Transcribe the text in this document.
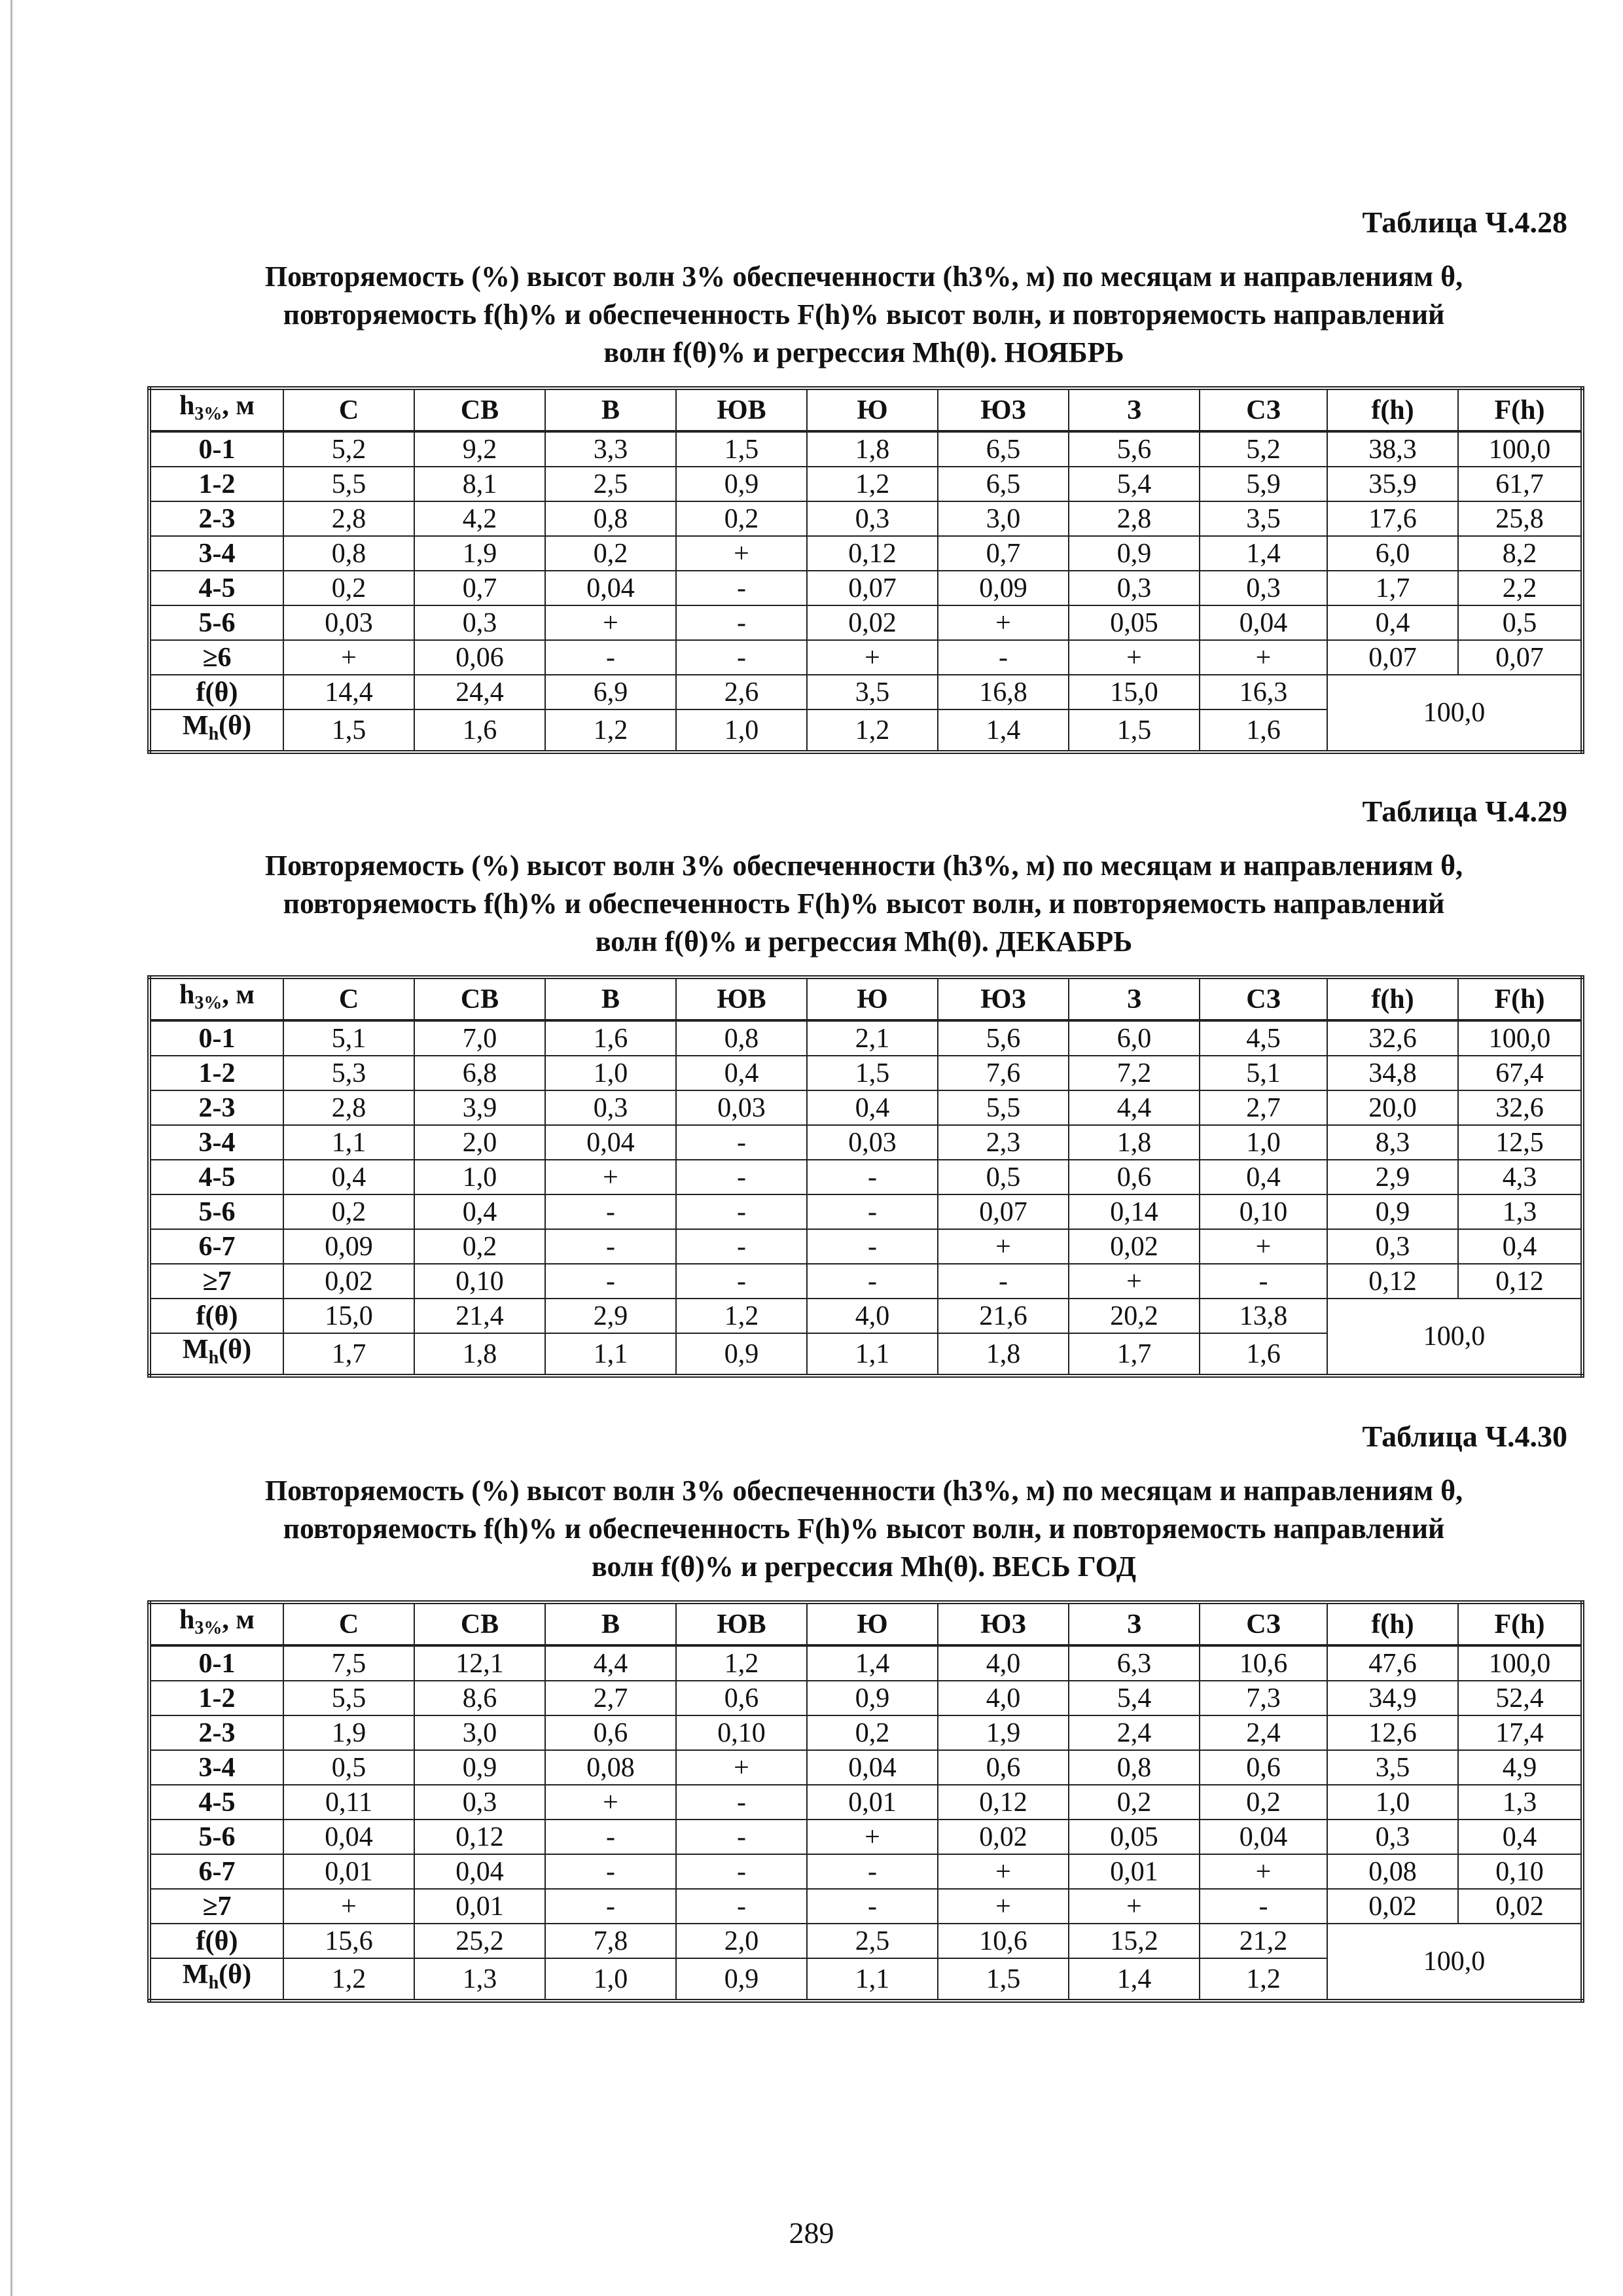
Таблица Ч.4.28
Повторяемость (%) высот волн 3% обеспеченности (h3%, м) по месяцам и направлениям θ,
повторяемость f(h)% и обеспеченность F(h)% высот волн, и повторяемость направлений
волн f(θ)% и регрессия Mh(θ). НОЯБРЬ
$h_{3\%}$, м	С	СВ	В	ЮВ	Ю	ЮЗ	З	СЗ	f(h)	F(h)
0-1	5,2	9,2	3,3	1,5	1,8	6,5	5,6	5,2	38,3	100,0
1-2	5,5	8,1	2,5	0,9	1,2	6,5	5,4	5,9	35,9	61,7
2-3	2,8	4,2	0,8	0,2	0,3	3,0	2,8	3,5	17,6	25,8
3-4	0,8	1,9	0,2	+	0,12	0,7	0,9	1,4	6,0	8,2
4-5	0,2	0,7	0,04	-	0,07	0,09	0,3	0,3	1,7	2,2
5-6	0,03	0,3	+	-	0,02	+	0,05	0,04	0,4	0,5
≥6	+	0,06	-	-	+	-	+	+	0,07	0,07
f(θ)	14,4	24,4	6,9	2,6	3,5	16,8	15,0	16,3	100,0	
$M_h(\theta)$	1,5	1,6	1,2	1,0	1,2	1,4	1,5	1,6		
Таблица Ч.4.29
Повторяемость (%) высот волн 3% обеспеченности (h3%, м) по месяцам и направлениям θ,
повторяемость f(h)% и обеспеченность F(h)% высот волн, и повторяемость направлений
волн f(θ)% и регрессия Mh(θ). ДЕКАБРЬ
$h_{3\%}$, м	С	СВ	В	ЮВ	Ю	ЮЗ	З	СЗ	f(h)	F(h)
0-1	5,1	7,0	1,6	0,8	2,1	5,6	6,0	4,5	32,6	100,0
1-2	5,3	6,8	1,0	0,4	1,5	7,6	7,2	5,1	34,8	67,4
2-3	2,8	3,9	0,3	0,03	0,4	5,5	4,4	2,7	20,0	32,6
3-4	1,1	2,0	0,04	-	0,03	2,3	1,8	1,0	8,3	12,5
4-5	0,4	1,0	+	-	-	0,5	0,6	0,4	2,9	4,3
5-6	0,2	0,4	-	-	-	0,07	0,14	0,10	0,9	1,3
6-7	0,09	0,2	-	-	-	+	0,02	+	0,3	0,4
≥7	0,02	0,10	-	-	-	-	+	-	0,12	0,12
f(θ)	15,0	21,4	2,9	1,2	4,0	21,6	20,2	13,8	100,0	
$M_h(\theta)$	1,7	1,8	1,1	0,9	1,1	1,8	1,7	1,6		
Таблица Ч.4.30
Повторяемость (%) высот волн 3% обеспеченности (h3%, м) по месяцам и направлениям θ,
повторяемость f(h)% и обеспеченность F(h)% высот волн, и повторяемость направлений
волн f(θ)% и регрессия Mh(θ). ВЕСЬ ГОД
$h_{3\%}$, м	С	СВ	В	ЮВ	Ю	ЮЗ	З	СЗ	f(h)	F(h)
0-1	7,5	12,1	4,4	1,2	1,4	4,0	6,3	10,6	47,6	100,0
1-2	5,5	8,6	2,7	0,6	0,9	4,0	5,4	7,3	34,9	52,4
2-3	1,9	3,0	0,6	0,10	0,2	1,9	2,4	2,4	12,6	17,4
3-4	0,5	0,9	0,08	+	0,04	0,6	0,8	0,6	3,5	4,9
4-5	0,11	0,3	+	-	0,01	0,12	0,2	0,2	1,0	1,3
5-6	0,04	0,12	-	-	+	0,02	0,05	0,04	0,3	0,4
6-7	0,01	0,04	-	-	-	+	0,01	+	0,08	0,10
≥7	+	0,01	-	-	-	+	+	-	0,02	0,02
f(θ)	15,6	25,2	7,8	2,0	2,5	10,6	15,2	21,2	100,0	
$M_h(\theta)$	1,2	1,3	1,0	0,9	1,1	1,5	1,4	1,2		
289
